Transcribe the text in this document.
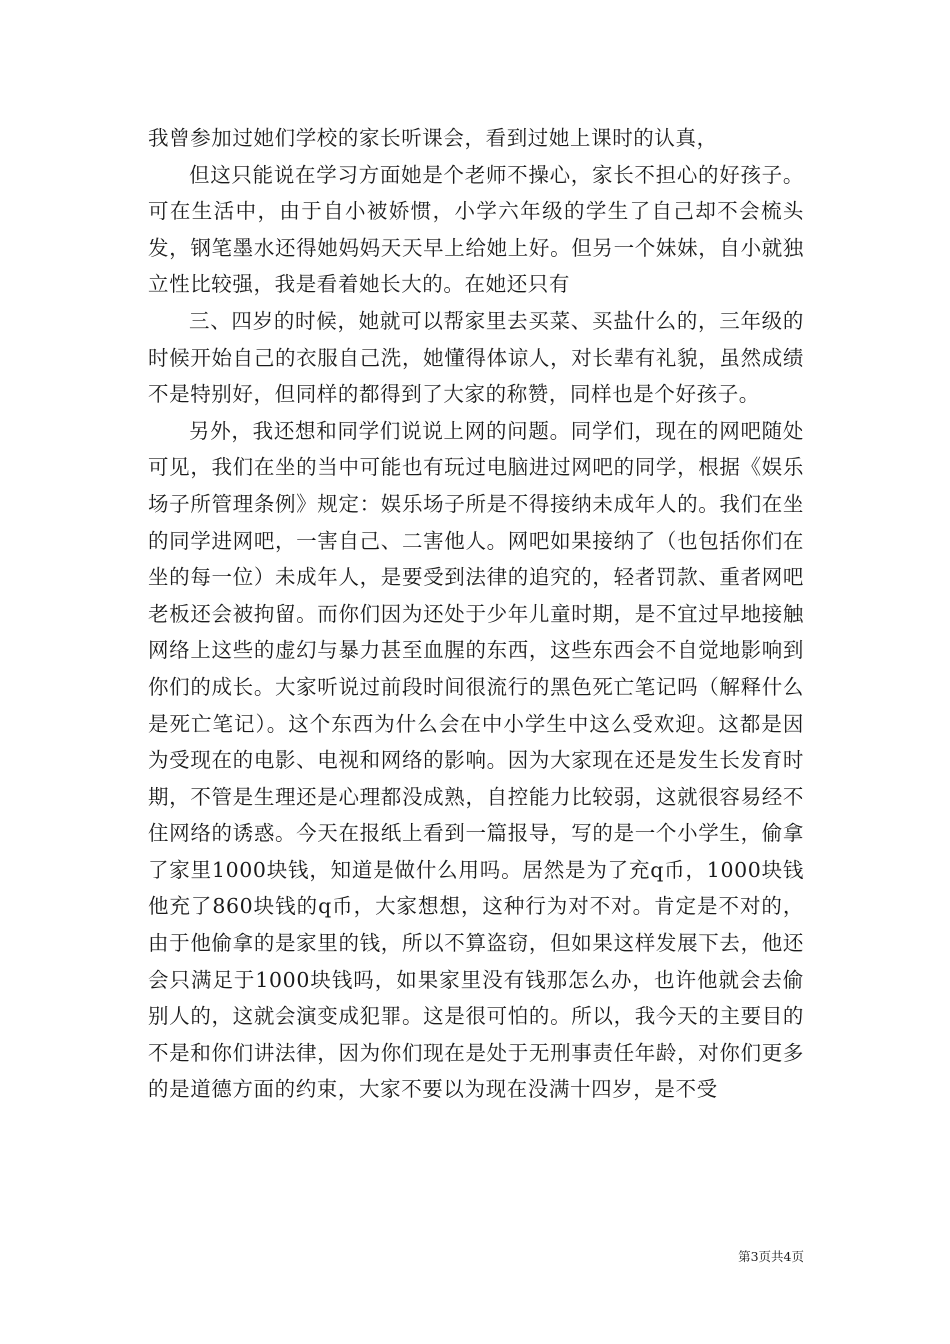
我曾参加过她们学校的家长听课会，看到过她上课时的认真，

但这只能说在学习方面她是个老师不操心，家长不担心的好孩子。可在生活中，由于自小被娇惯，小学六年级的学生了自己却不会梳头发，钢笔墨水还得她妈妈天天早上给她上好。但另一个妹妹，自小就独立性比较强，我是看着她长大的。在她还只有

三、四岁的时候，她就可以帮家里去买菜、买盐什么的，三年级的时候开始自己的衣服自己洗，她懂得体谅人，对长辈有礼貌，虽然成绩不是特别好，但同样的都得到了大家的称赞，同样也是个好孩子。

另外，我还想和同学们说说上网的问题。同学们，现在的网吧随处可见，我们在坐的当中可能也有玩过电脑进过网吧的同学，根据《娱乐场子所管理条例》规定：娱乐场子所是不得接纳未成年人的。我们在坐的同学进网吧，一害自己、二害他人。网吧如果接纳了（也包括你们在坐的每一位）未成年人，是要受到法律的追究的，轻者罚款、重者网吧老板还会被拘留。而你们因为还处于少年儿童时期，是不宜过早地接触网络上这些的虚幻与暴力甚至血腥的东西，这些东西会不自觉地影响到你们的成长。大家听说过前段时间很流行的黑色死亡笔记吗（解释什么是死亡笔记）。这个东西为什么会在中小学生中这么受欢迎。这都是因为受现在的电影、电视和网络的影响。因为大家现在还是发生长发育时期，不管是生理还是心理都没成熟，自控能力比较弱，这就很容易经不住网络的诱惑。今天在报纸上看到一篇报导，写的是一个小学生，偷拿了家里1000块钱，知道是做什么用吗。居然是为了充q币，1000块钱他充了860块钱的q币，大家想想，这种行为对不对。肯定是不对的，由于他偷拿的是家里的钱，所以不算盗窃，但如果这样发展下去，他还会只满足于1000块钱吗，如果家里没有钱那怎么办，也许他就会去偷别人的，这就会演变成犯罪。这是很可怕的。所以，我今天的主要目的不是和你们讲法律，因为你们现在是处于无刑事责任年龄，对你们更多的是道德方面的约束，大家不要以为现在没满十四岁，是不受

第3页共4页
